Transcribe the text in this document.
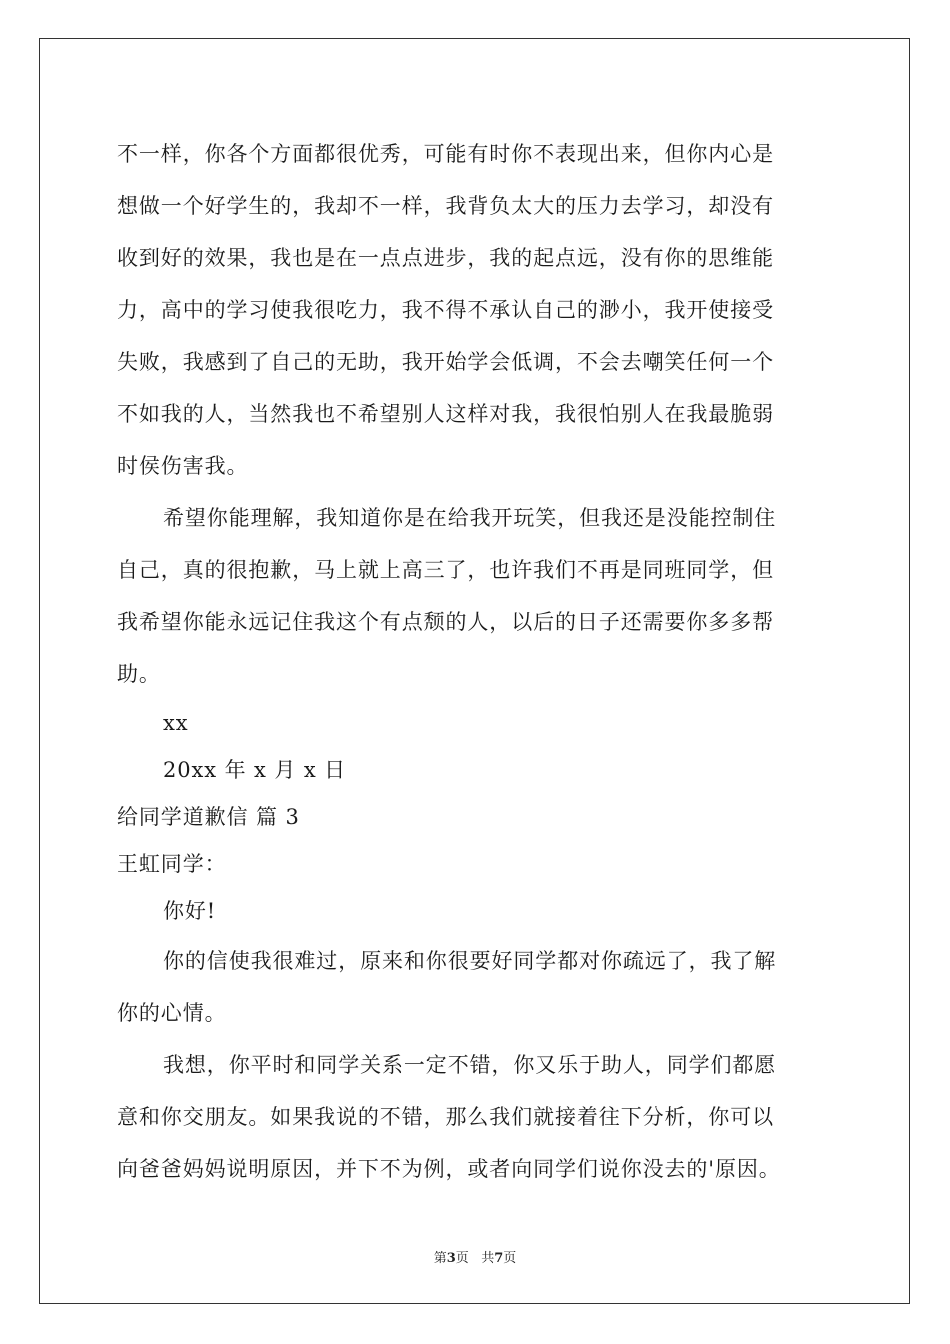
不一样，你各个方面都很优秀，可能有时你不表现出来，但你内心是
想做一个好学生的，我却不一样，我背负太大的压力去学习，却没有
收到好的效果，我也是在一点点进步，我的起点远，没有你的思维能
力，高中的学习使我很吃力，我不得不承认自己的渺小，我开使接受
失败，我感到了自己的无助，我开始学会低调，不会去嘲笑任何一个
不如我的人，当然我也不希望别人这样对我，我很怕别人在我最脆弱
时侯伤害我。
希望你能理解，我知道你是在给我开玩笑，但我还是没能控制住
自己，真的很抱歉，马上就上高三了，也许我们不再是同班同学，但
我希望你能永远记住我这个有点颓的人，以后的日子还需要你多多帮
助。
xx
20xx 年 x 月 x 日
给同学道歉信 篇 3
王虹同学：
你好!
你的信使我很难过，原来和你很要好同学都对你疏远了，我了解
你的心情。
我想，你平时和同学关系一定不错，你又乐于助人，同学们都愿
意和你交朋友。如果我说的不错，那么我们就接着往下分析，你可以
向爸爸妈妈说明原因，并下不为例，或者向同学们说你没去的'原因。
第3页 共7页
